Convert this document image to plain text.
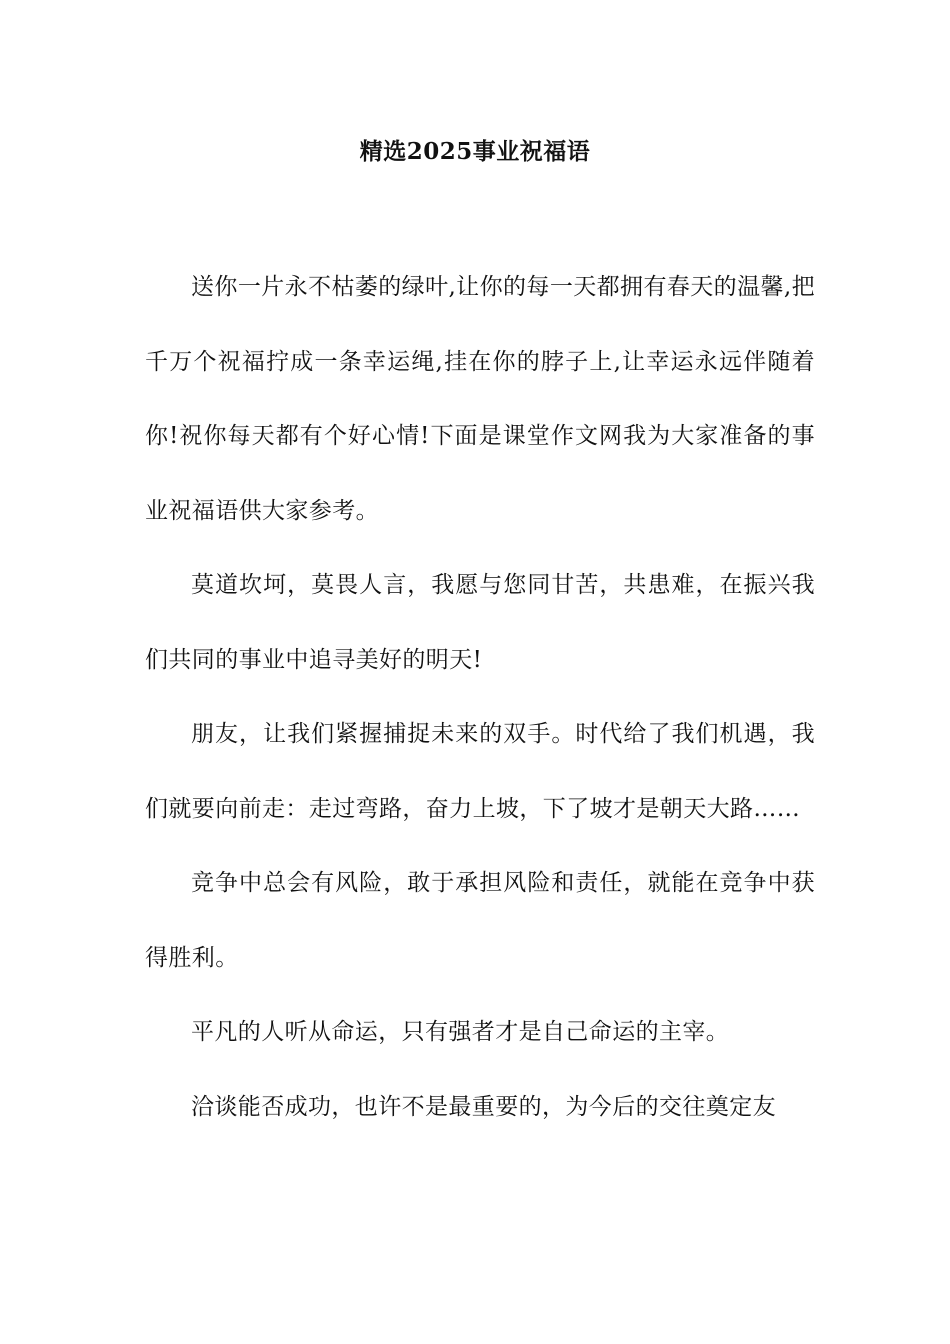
精选2025事业祝福语

送你一片永不枯萎的绿叶,让你的每一天都拥有春天的温馨,把千万个祝福拧成一条幸运绳,挂在你的脖子上,让幸运永远伴随着你!祝你每天都有个好心情!下面是课堂作文网我为大家准备的事业祝福语供大家参考。

莫道坎坷，莫畏人言，我愿与您同甘苦，共患难，在振兴我们共同的事业中追寻美好的明天!

朋友，让我们紧握捕捉未来的双手。时代给了我们机遇，我们就要向前走：走过弯路，奋力上坡，下了坡才是朝天大路……

竞争中总会有风险，敢于承担风险和责任，就能在竞争中获得胜利。

平凡的人听从命运，只有强者才是自己命运的主宰。

洽谈能否成功，也许不是最重要的，为今后的交往奠定友
